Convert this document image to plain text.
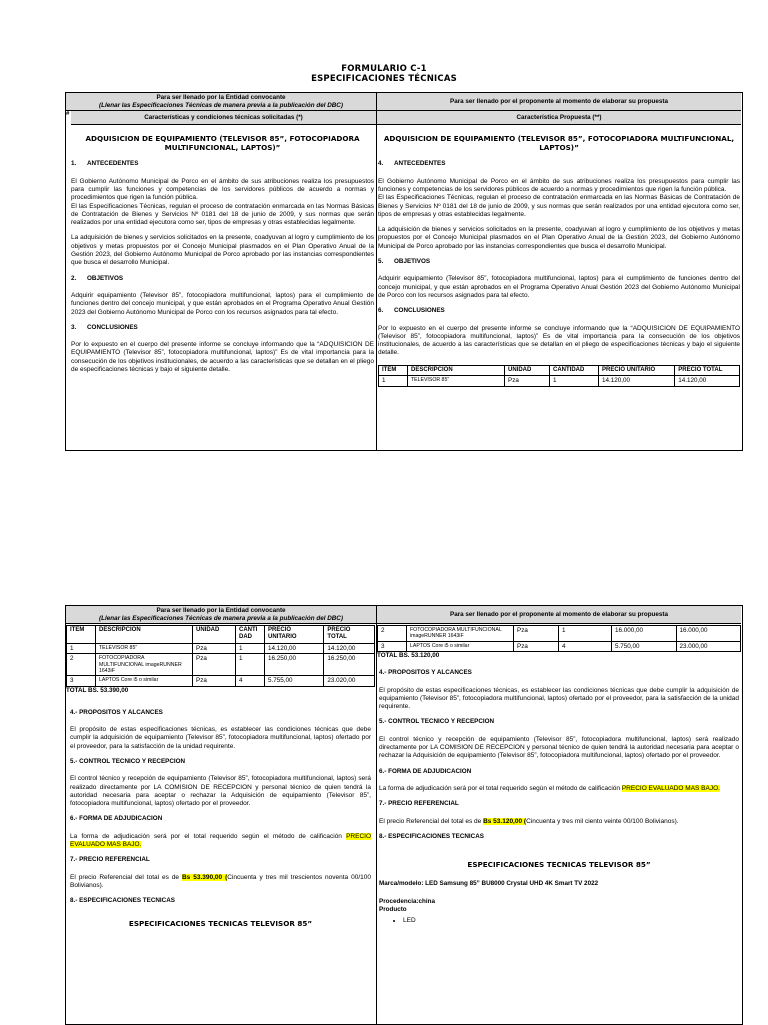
FORMULARIO C-1
ESPECIFICACIONES TÉCNICAS
Para ser llenado por la Entidad convocante
(Llenar las Especificaciones Técnicas de manera previa a la publicación del DBC)
Para ser llenado por el proponente al momento de elaborar su propuesta
#	Características y condiciones técnicas solicitadas (*)	Característica Propuesta (**)
ADQUISICION DE EQUIPAMIENTO (TELEVISOR 85”, FOTOCOPIADORA MULTIFUNCIONAL, LAPTOS)”
1. ANTECEDENTES

El Gobierno Autónomo Municipal de Porco en el ámbito de sus atribuciones realiza los presupuestos para cumplir las funciones y competencias de los servidores públicos de acuerdo a normas y procedimientos que rigen la función pública.

El las Especificaciones Técnicas, regulan el proceso de contratación enmarcada en las Normas Básicas de Contratación de Bienes y Servicios Nº 0181 del 18 de junio de 2009, y sus normas que serán realizados por una entidad ejecutora como ser, tipos de empresas y otras establecidas legalmente.

La adquisición de bienes y servicios solicitados en la presente, coadyuvan al logro y cumplimiento de los objetivos y metas propuestos por el Concejo Municipal plasmados en el Plan Operativo Anual de la Gestión 2023, del Gobierno Autónomo Municipal de Porco aprobado por las instancias correspondientes que busca el desarrollo Municipal.

2. OBJETIVOS

Adquirir equipamiento (Televisor 85”, fotocopiadora multifuncional, laptos) para el cumplimiento de funciones dentro del concejo municipal, y que están aprobados en el Programa Operativo Anual Gestión 2023 del Gobierno Autónomo Municipal de Porco con los recursos asignados para tal efecto.

3. CONCLUSIONES

Por lo expuesto en el cuerpo del presente informe se concluye informando que la “ADQUISICION DE EQUIPAMIENTO (Televisor 85”, fotocopiadora multifuncional, laptos)” Es de vital importancia para la consecución de los objetivos institucionales, de acuerdo a las características que se detallan en el pliego de especificaciones técnicas y bajo el siguiente detalle.

ADQUISICION DE EQUIPAMIENTO (TELEVISOR 85”, FOTOCOPIADORA MULTIFUNCIONAL, LAPTOS)”
4. ANTECEDENTES

El Gobierno Autónomo Municipal de Porco en el ámbito de sus atribuciones realiza los presupuestos para cumplir las funciones y competencias de los servidores públicos de acuerdo a normas y procedimientos que rigen la función pública.

El las Especificaciones Técnicas, regulan el proceso de contratación enmarcada en las Normas Básicas de Contratación de Bienes y Servicios Nº 0181 del 18 de junio de 2009, y sus normas que serán realizados por una entidad ejecutora como ser, tipos de empresas y otras establecidas legalmente.

La adquisición de bienes y servicios solicitados en la presente, coadyuvan al logro y cumplimiento de los objetivos y metas propuestos por el Concejo Municipal plasmados en el Plan Operativo Anual de la Gestión 2023, del Gobierno Autónomo Municipal de Porco aprobado por las instancias correspondientes que busca el desarrollo Municipal.

5. OBJETIVOS

Adquirir equipamiento (Televisor 85”, fotocopiadora multifuncional, laptos) para el cumplimiento de funciones dentro del concejo municipal, y que están aprobados en el Programa Operativo Anual Gestión 2023 del Gobierno Autónomo Municipal de Porco con los recursos asignados para tal efecto.

6. CONCLUSIONES

Por lo expuesto en el cuerpo del presente informe se concluye informando que la “ADQUISICION DE EQUIPAMIENTO (Televisor 85”, fotocopiadora multifuncional, laptos)” Es de vital importancia para la consecución de los objetivos institucionales, de acuerdo a las características que se detallan en el pliego de especificaciones técnicas y bajo el siguiente detalle.

ITEM	DESCRIPCION	UNIDAD	CANTIDAD	PRECIO UNITARIO	PRECIO TOTAL
1	TELEVISOR 85”	Pza	1	14.120,00	14.120,00
Para ser llenado por la Entidad convocante
(Llenar las Especificaciones Técnicas de manera previa a la publicación del DBC)
Para ser llenado por el proponente al momento de elaborar su propuesta
ITEM	DESCRIPCION	UNIDAD	CANTI DAD	PRECIO UNITARIO	PRECIO TOTAL
1	TELEVISOR 85”	Pza	1	14.120,00	14.120,00
2	FOTOCOPIADORA MULTIFUNCIONAL imageRUNNER 1643iF	Pza	1	16.250,00	16.250,00
3	LAPTOS Core i5 o similar	Pza	4	5.755,00	23.020,00

TOTAL BS. 53.390,00

4.- PROPOSITOS Y ALCANCES

El propósito de estas especificaciones técnicas, es establecer las condiciones técnicas que debe cumplir la adquisición de equipamiento (Televisor 85”, fotocopiadora multifuncional, laptos) ofertado por el proveedor, para la satisfacción de la unidad requirente.

5.- CONTROL TECNICO Y RECEPCION

El control técnico y recepción de equipamiento (Televisor 85”, fotocopiadora multifuncional, laptos) será realizado directamente por LA COMISION DE RECEPCION y personal técnico de quien tendrá la autoridad necesaria para aceptar o rechazar la Adquisición de equipamiento (Televisor 85”, fotocopiadora multifuncional, laptos) ofertado por el proveedor.

6.- FORMA DE ADJUDICACION

La forma de adjudicación será por el total requerido según el método de calificación PRECIO EVALUADO MAS BAJO.

7.- PRECIO REFERENCIAL

El precio Referencial del total es de Bs 53.390,00 (Cincuenta y tres mil trescientos noventa 00/100 Bolivianos).

8.- ESPECIFICACIONES TECNICAS
ESPECIFICACIONES TECNICAS TELEVISOR 85”
2	FOTOCOPIADORA MULTIFUNCIONAL imageRUNNER 1643iF	Pza	1	16.000,00	16.000,00
3	LAPTOS Core i5 o similar	Pza	4	5.750,00	23.000,00

TOTAL BS. 53.120,00

4.- PROPOSITOS Y ALCANCES

El propósito de estas especificaciones técnicas, es establecer las condiciones técnicas que debe cumplir la adquisición de equipamiento (Televisor 85”, fotocopiadora multifuncional, laptos) ofertado por el proveedor, para la satisfacción de la unidad requirente.

5.- CONTROL TECNICO Y RECEPCION

El control técnico y recepción de equipamiento (Televisor 85”, fotocopiadora multifuncional, laptos) será realizado directamente por LA COMISION DE RECEPCION y personal técnico de quien tendrá la autoridad necesaria para aceptar o rechazar la Adquisición de equipamiento (Televisor 85”, fotocopiadora multifuncional, laptos) ofertado por el proveedor.

6.- FORMA DE ADJUDICACION

La forma de adjudicación será por el total requerido según el método de calificación PRECIO EVALUADO MAS BAJO.

7.- PRECIO REFERENCIAL

El precio Referencial del total es de Bs 53.120,00 (Cincuenta y tres mil ciento veinte 00/100 Bolivianos).

8.- ESPECIFICACIONES TECNICAS
ESPECIFICACIONES TECNICAS TELEVISOR 85”
Marca/modelo: LED Samsung 85” BU8000 Crystal UHD 4K Smart TV 2022
Procedencia:china
Producto
• LED
